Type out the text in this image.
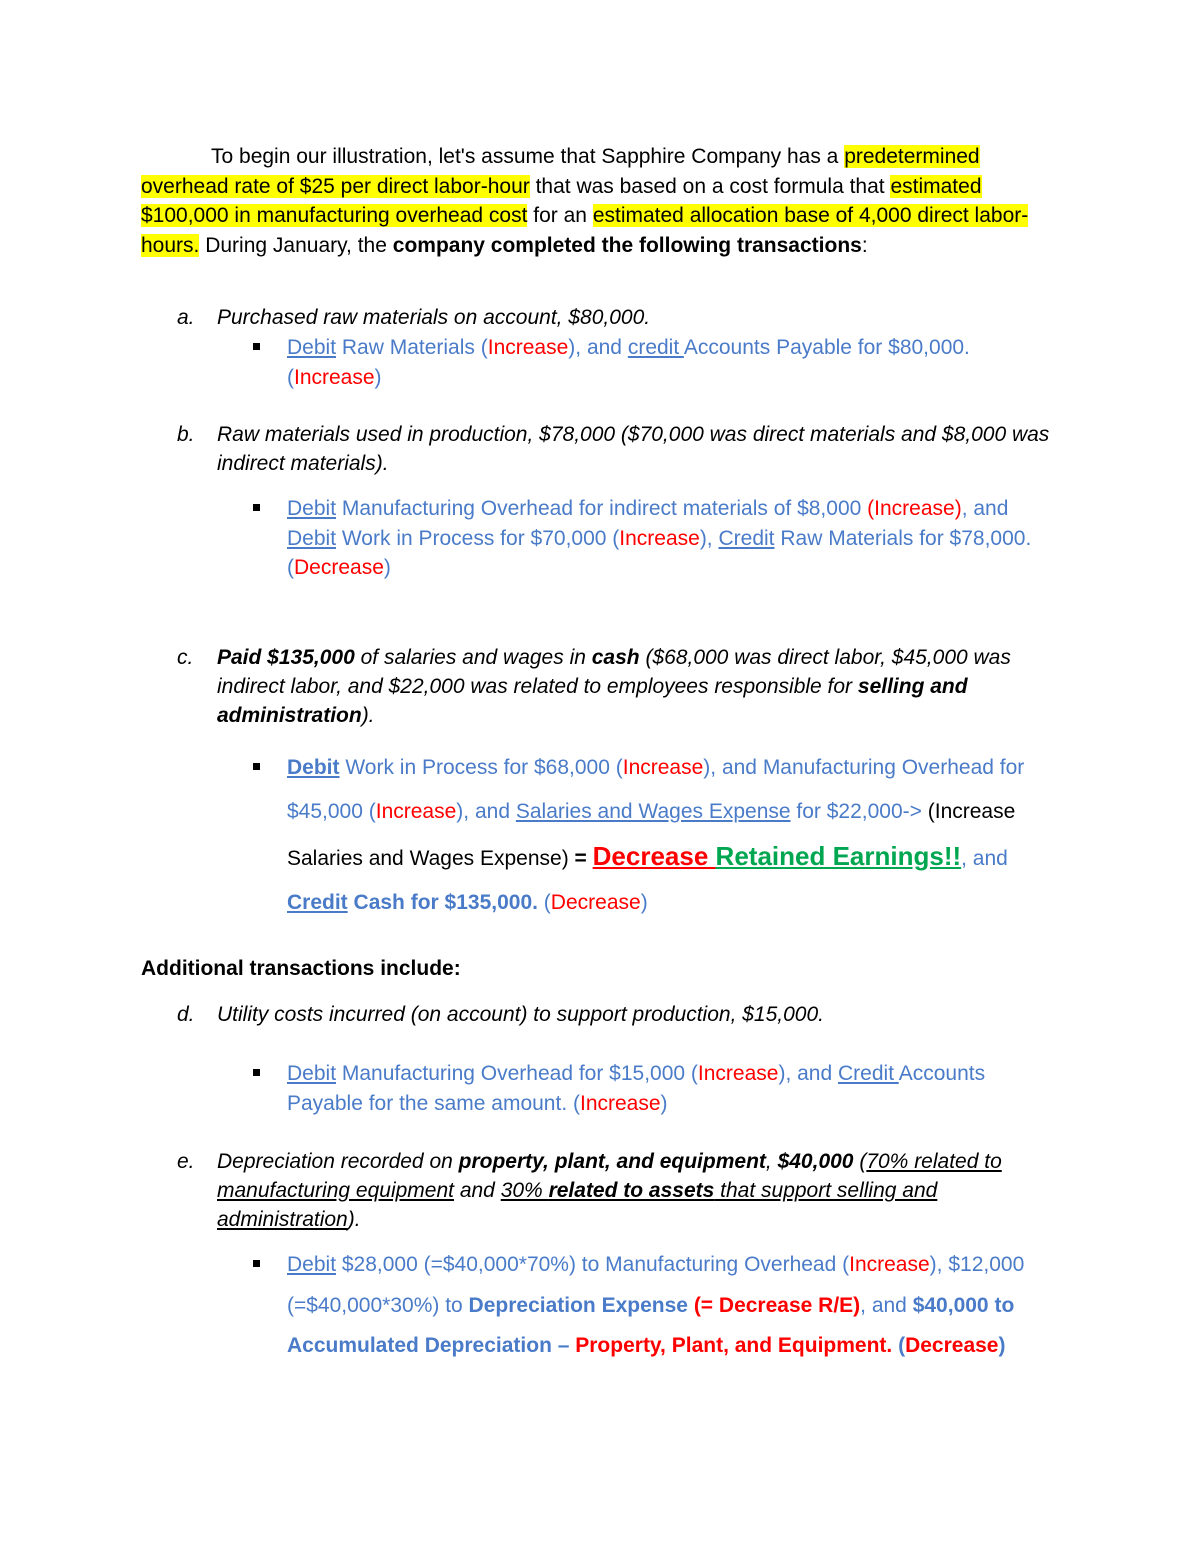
To begin our illustration, let's assume that Sapphire Company has a predetermined overhead rate of $25 per direct labor-hour that was based on a cost formula that estimated $100,000 in manufacturing overhead cost for an estimated allocation base of 4,000 direct labor-hours. During January, the company completed the following transactions:
a. Purchased raw materials on account, $80,000.
Debit Raw Materials (Increase), and credit Accounts Payable for $80,000. (Increase)
b. Raw materials used in production, $78,000 ($70,000 was direct materials and $8,000 was indirect materials).
Debit Manufacturing Overhead for indirect materials of $8,000 (Increase), and Debit Work in Process for $70,000 (Increase), Credit Raw Materials for $78,000. (Decrease)
c. Paid $135,000 of salaries and wages in cash ($68,000 was direct labor, $45,000 was indirect labor, and $22,000 was related to employees responsible for selling and administration).
Debit Work in Process for $68,000 (Increase), and Manufacturing Overhead for $45,000 (Increase), and Salaries and Wages Expense for $22,000-> (Increase Salaries and Wages Expense) = Decrease Retained Earnings!!, and Credit Cash for $135,000. (Decrease)
Additional transactions include:
d. Utility costs incurred (on account) to support production, $15,000.
Debit Manufacturing Overhead for $15,000 (Increase), and Credit Accounts Payable for the same amount. (Increase)
e. Depreciation recorded on property, plant, and equipment, $40,000 (70% related to manufacturing equipment and 30% related to assets that support selling and administration).
Debit $28,000 (=$40,000*70%) to Manufacturing Overhead (Increase), $12,000 (=$40,000*30%) to Depreciation Expense (= Decrease R/E), and $40,000 to Accumulated Depreciation – Property, Plant, and Equipment. (Decrease)
